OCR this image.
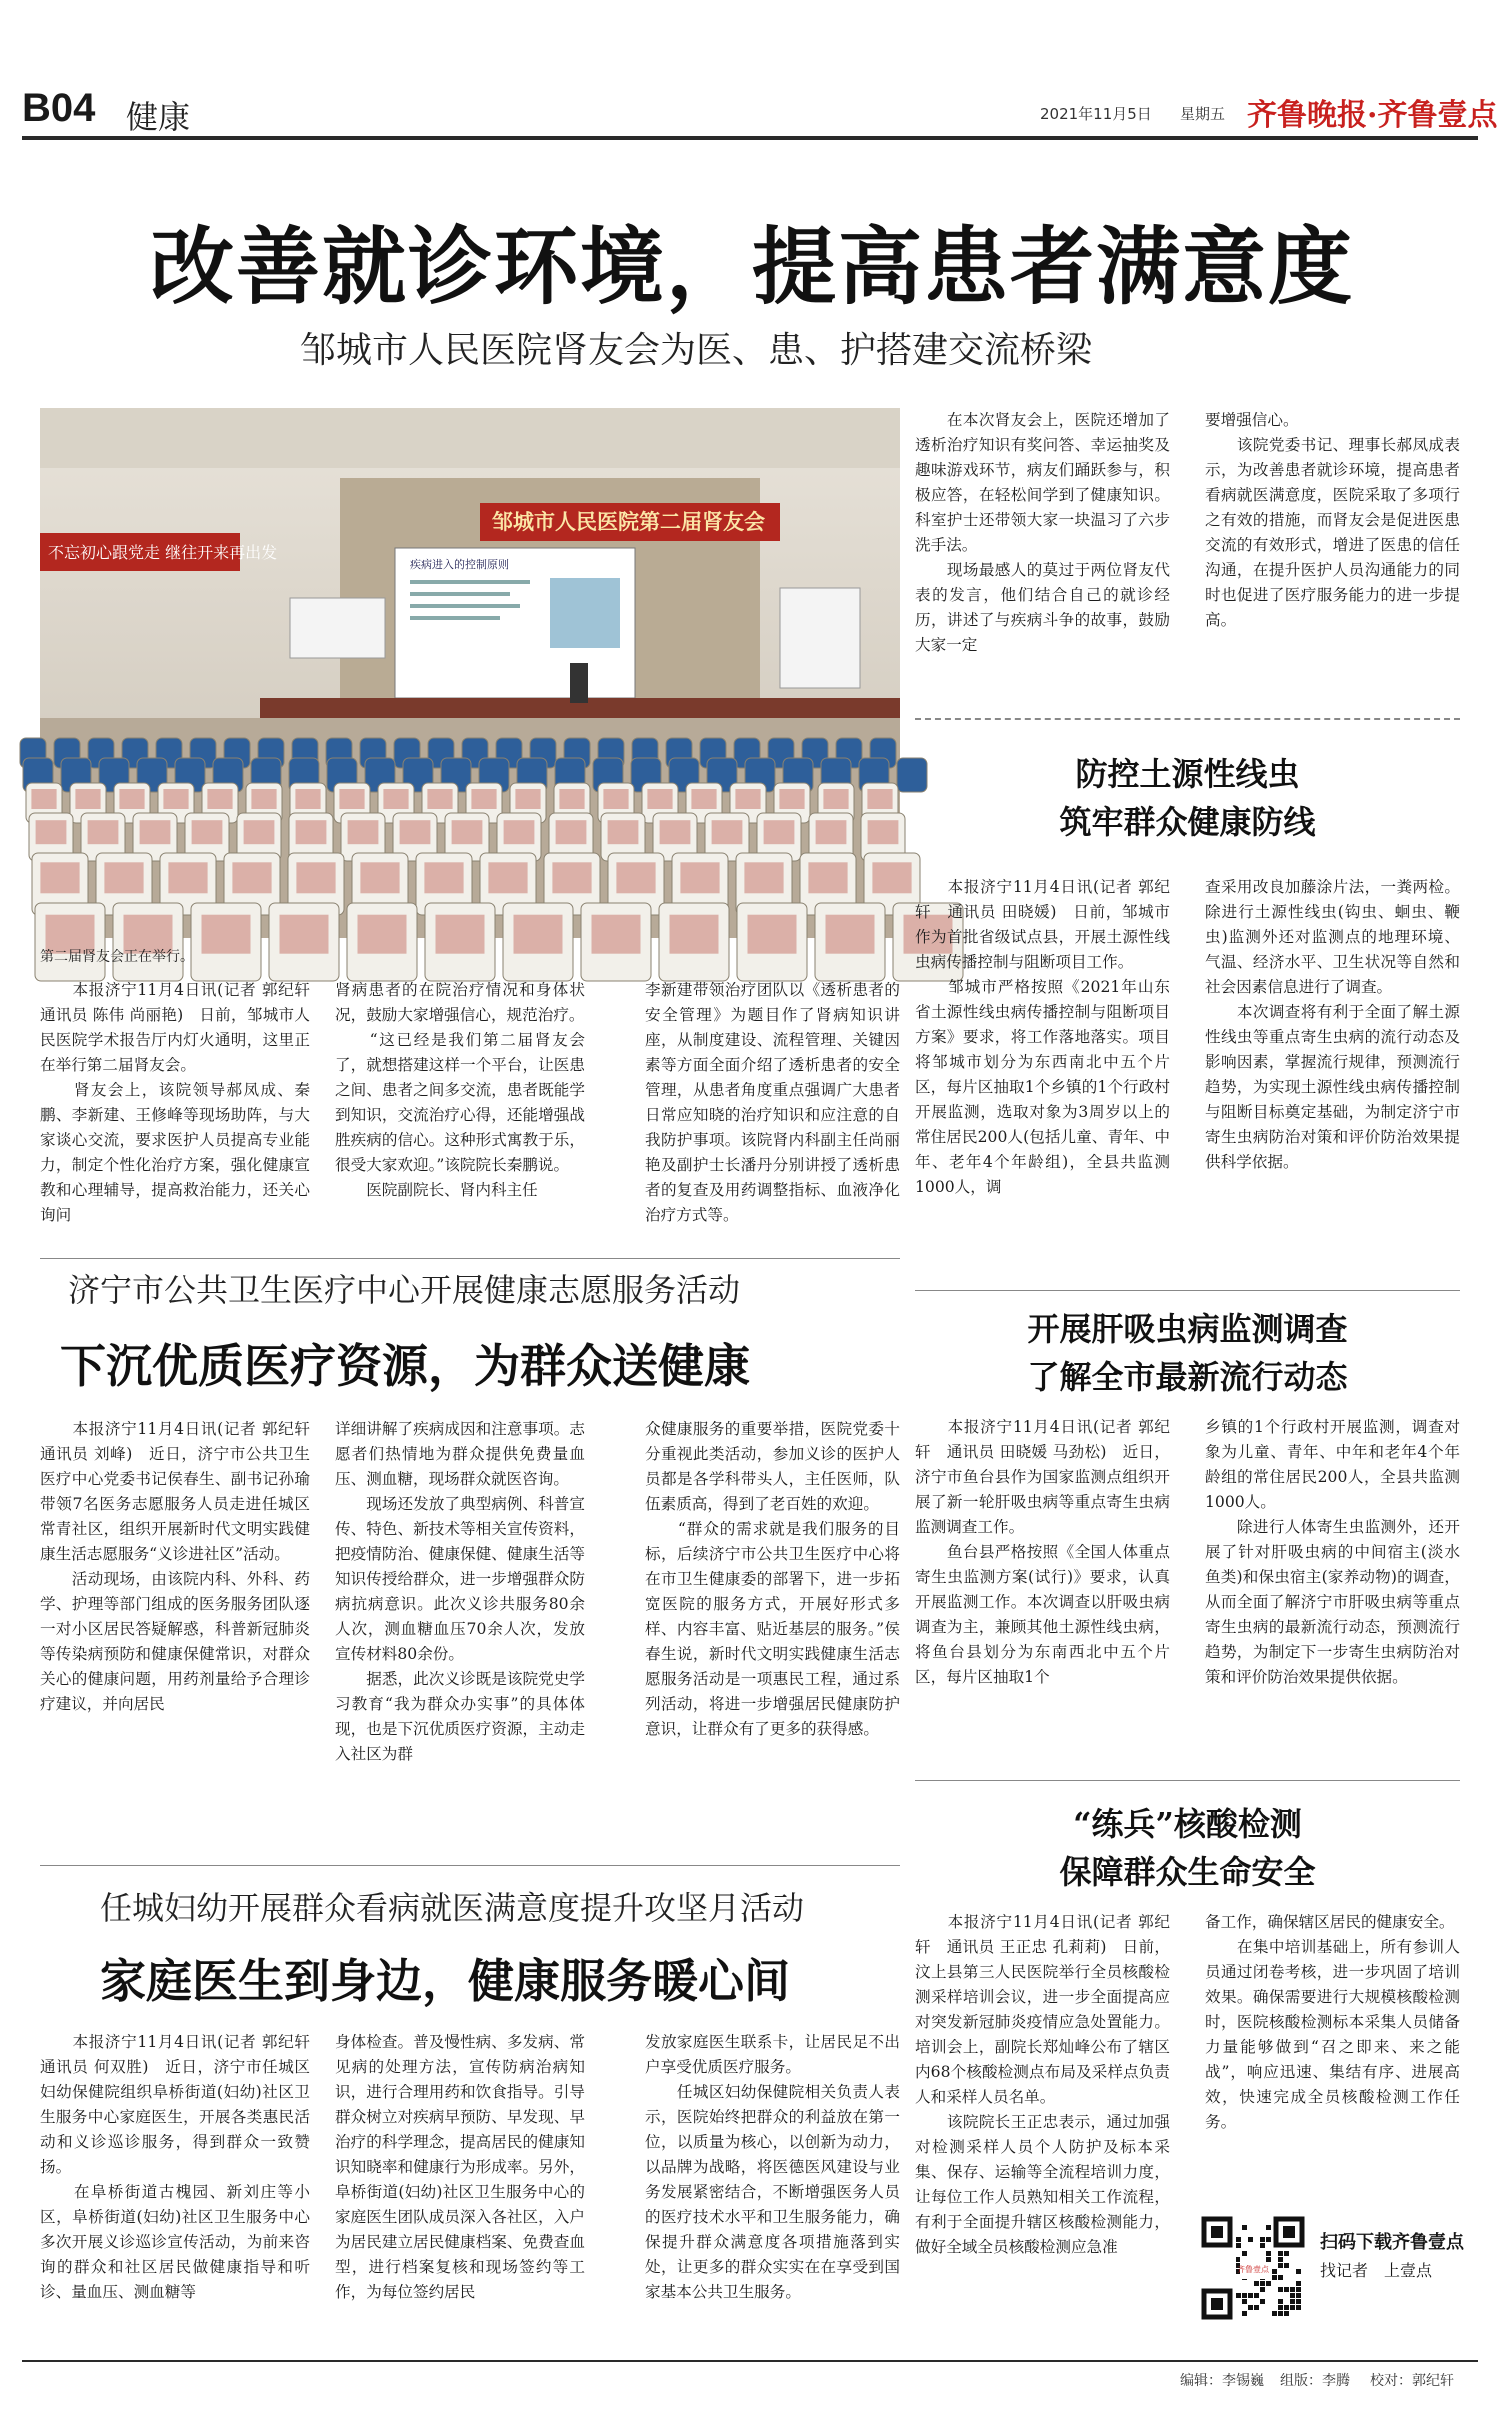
B04 健康	2021年11月5日 星期五 齐鲁晚报·齐鲁壹点
改善就诊环境，提高患者满意度
邹城市人民医院肾友会为医、患、护搭建交流桥梁
不忘初心跟党走 继往开来再出发
邹城市人民医院第二届肾友会
疾病进入的控制原则
第二届肾友会正在举行。
　　本报济宁11月4日讯(记者 郭纪轩　通讯员 陈伟 尚丽艳)　日前，邹城市人民医院学术报告厅内灯火通明，这里正在举行第二届肾友会。
　　肾友会上，该院领导郝凤成、秦鹏、李新建、王修峰等现场助阵，与大家谈心交流，要求医护人员提高专业能力，制定个性化治疗方案，强化健康宣教和心理辅导，提高救治能力，还关心询问
肾病患者的在院治疗情况和身体状况，鼓励大家增强信心，规范治疗。
　　“这已经是我们第二届肾友会了，就想搭建这样一个平台，让医患之间、患者之间多交流，患者既能学到知识，交流治疗心得，还能增强战胜疾病的信心。这种形式寓教于乐，很受大家欢迎。”该院院长秦鹏说。
　　医院副院长、肾内科主任
李新建带领治疗团队以《透析患者的安全管理》为题目作了肾病知识讲座，从制度建设、流程管理、关键因素等方面全面介绍了透析患者的安全管理，从患者角度重点强调广大患者日常应知晓的治疗知识和应注意的自我防护事项。该院肾内科副主任尚丽艳及副护士长潘丹分别讲授了透析患者的复查及用药调整指标、血液净化治疗方式等。
　　在本次肾友会上，医院还增加了透析治疗知识有奖问答、幸运抽奖及趣味游戏环节，病友们踊跃参与，积极应答，在轻松间学到了健康知识。科室护士还带领大家一块温习了六步洗手法。
　　现场最感人的莫过于两位肾友代表的发言，他们结合自己的就诊经历，讲述了与疾病斗争的故事，鼓励大家一定
要增强信心。
　　该院党委书记、理事长郝凤成表示，为改善患者就诊环境，提高患者看病就医满意度，医院采取了多项行之有效的措施，而肾友会是促进医患交流的有效形式，增进了医患的信任沟通，在提升医护人员沟通能力的同时也促进了医疗服务能力的进一步提高。
防控土源性线虫
筑牢群众健康防线
　　本报济宁11月4日讯(记者 郭纪轩　通讯员 田晓媛)　日前，邹城市作为首批省级试点县，开展土源性线虫病传播控制与阻断项目工作。
　　邹城市严格按照《2021年山东省土源性线虫病传播控制与阻断项目方案》要求，将工作落地落实。项目将邹城市划分为东西南北中五个片区，每片区抽取1个乡镇的1个行政村开展监测，选取对象为3周岁以上的常住居民200人(包括儿童、青年、中年、老年4个年龄组)，全县共监测1000人，调
查采用改良加藤涂片法，一粪两检。除进行土源性线虫(钩虫、蛔虫、鞭虫)监测外还对监测点的地理环境、气温、经济水平、卫生状况等自然和社会因素信息进行了调查。
　　本次调查将有利于全面了解土源性线虫等重点寄生虫病的流行动态及影响因素，掌握流行规律，预测流行趋势，为实现土源性线虫病传播控制与阻断目标奠定基础，为制定济宁市寄生虫病防治对策和评价防治效果提供科学依据。
开展肝吸虫病监测调查
了解全市最新流行动态
　　本报济宁11月4日讯(记者 郭纪轩　通讯员 田晓媛 马劲松)　近日，济宁市鱼台县作为国家监测点组织开展了新一轮肝吸虫病等重点寄生虫病监测调查工作。
　　鱼台县严格按照《全国人体重点寄生虫监测方案(试行)》要求，认真开展监测工作。本次调查以肝吸虫病调查为主，兼顾其他土源性线虫病，将鱼台县划分为东南西北中五个片区，每片区抽取1个
乡镇的1个行政村开展监测，调查对象为儿童、青年、中年和老年4个年龄组的常住居民200人，全县共监测1000人。
　　除进行人体寄生虫监测外，还开展了针对肝吸虫病的中间宿主(淡水鱼类)和保虫宿主(家养动物)的调查，从而全面了解济宁市肝吸虫病等重点寄生虫病的最新流行动态，预测流行趋势，为制定下一步寄生虫病防治对策和评价防治效果提供依据。
“练兵”核酸检测
保障群众生命安全
　　本报济宁11月4日讯(记者 郭纪轩　通讯员 王正忠 孔莉莉)　日前，汶上县第三人民医院举行全员核酸检测采样培训会议，进一步全面提高应对突发新冠肺炎疫情应急处置能力。培训会上，副院长郑灿峰公布了辖区内68个核酸检测点布局及采样点负责人和采样人员名单。
　　该院院长王正忠表示，通过加强对检测采样人员个人防护及标本采集、保存、运输等全流程培训力度，让每位工作人员熟知相关工作流程，有利于全面提升辖区核酸检测能力，做好全域全员核酸检测应急准
备工作，确保辖区居民的健康安全。
　　在集中培训基础上，所有参训人员通过闭卷考核，进一步巩固了培训效果。确保需要进行大规模核酸检测时，医院核酸检测标本采集人员储备力量能够做到“召之即来、来之能战”，响应迅速、集结有序、进展高效，快速完成全员核酸检测工作任务。
齐鲁壹点
扫码下载齐鲁壹点
找记者　上壹点
济宁市公共卫生医疗中心开展健康志愿服务活动
下沉优质医疗资源，为群众送健康
　　本报济宁11月4日讯(记者 郭纪轩　通讯员 刘峰)　近日，济宁市公共卫生医疗中心党委书记侯春生、副书记孙瑜带领7名医务志愿服务人员走进任城区常青社区，组织开展新时代文明实践健康生活志愿服务“义诊进社区”活动。
　　活动现场，由该院内科、外科、药学、护理等部门组成的医务服务团队逐一对小区居民答疑解惑，科普新冠肺炎等传染病预防和健康保健常识，对群众关心的健康问题，用药剂量给予合理诊疗建议，并向居民
详细讲解了疾病成因和注意事项。志愿者们热情地为群众提供免费量血压、测血糖，现场群众就医咨询。
　　现场还发放了典型病例、科普宣传、特色、新技术等相关宣传资料，把疫情防治、健康保健、健康生活等知识传授给群众，进一步增强群众防病抗病意识。此次义诊共服务80余人次，测血糖血压70余人次，发放宣传材料80余份。
　　据悉，此次义诊既是该院党史学习教育“我为群众办实事”的具体体现，也是下沉优质医疗资源，主动走入社区为群
众健康服务的重要举措，医院党委十分重视此类活动，参加义诊的医护人员都是各学科带头人，主任医师，队伍素质高，得到了老百姓的欢迎。
　　“群众的需求就是我们服务的目标，后续济宁市公共卫生医疗中心将在市卫生健康委的部署下，进一步拓宽医院的服务方式，开展好形式多样、内容丰富、贴近基层的服务。”侯春生说，新时代文明实践健康生活志愿服务活动是一项惠民工程，通过系列活动，将进一步增强居民健康防护意识，让群众有了更多的获得感。
任城妇幼开展群众看病就医满意度提升攻坚月活动
家庭医生到身边，健康服务暖心间
　　本报济宁11月4日讯(记者 郭纪轩　通讯员 何双胜)　近日，济宁市任城区妇幼保健院组织阜桥街道(妇幼)社区卫生服务中心家庭医生，开展各类惠民活动和义诊巡诊服务，得到群众一致赞扬。
　　在阜桥街道古槐园、新刘庄等小区，阜桥街道(妇幼)社区卫生服务中心多次开展义诊巡诊宣传活动，为前来咨询的群众和社区居民做健康指导和听诊、量血压、测血糖等
身体检查。普及慢性病、多发病、常见病的处理方法，宣传防病治病知识，进行合理用药和饮食指导。引导群众树立对疾病早预防、早发现、早治疗的科学理念，提高居民的健康知识知晓率和健康行为形成率。另外，阜桥街道(妇幼)社区卫生服务中心的家庭医生团队成员深入各社区，入户为居民建立居民健康档案、免费查血型，进行档案复核和现场签约等工作，为每位签约居民
发放家庭医生联系卡，让居民足不出户享受优质医疗服务。
　　任城区妇幼保健院相关负责人表示，医院始终把群众的利益放在第一位，以质量为核心，以创新为动力，以品牌为战略，将医德医风建设与业务发展紧密结合，不断增强医务人员的医疗技术水平和卫生服务能力，确保提升群众满意度各项措施落到实处，让更多的群众实实在在享受到国家基本公共卫生服务。
编辑：李锡巍 组版：李腾 校对：郭纪轩
